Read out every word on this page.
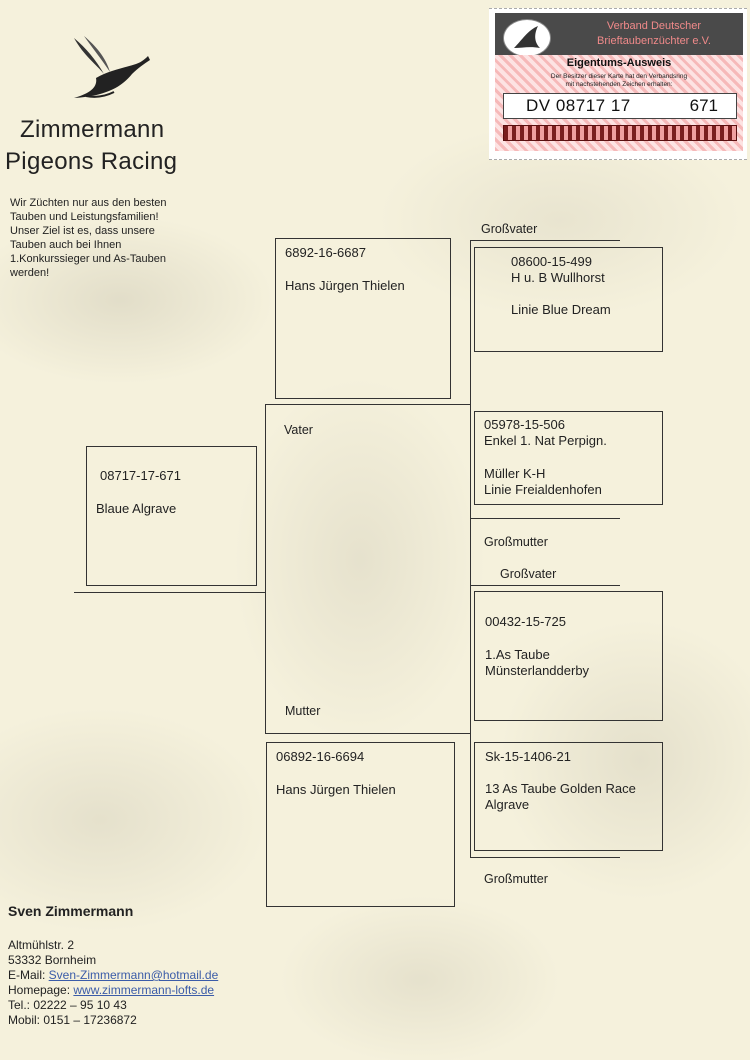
Zimmermann
Pigeons Racing
Wir Züchten nur aus den besten
Tauben und Leistungsfamilien!
Unser Ziel ist es, dass unsere
Tauben auch bei Ihnen
1.Konkurssieger und As-Tauben
werden!
Verband Deutscher
Brieftaubenzüchter e.V.
Eigentums-Ausweis
Der Besitzer dieser Karte hat den Verbandsring
mit nachstehenden Zeichen erhalten:
DV 08717 17	671
08717-17-671
Blaue Algrave
Vater
Mutter
6892-16-6687
Hans Jürgen Thielen
06892-16-6694
Hans Jürgen Thielen
Großvater
Großmutter
Großvater
Großmutter
08600-15-499
H u. B Wullhorst
Linie Blue Dream
05978-15-506
Enkel 1. Nat Perpign.
Müller K-H
Linie Freialdenhofen
00432-15-725
1.As Taube
Münsterlandderby
Sk-15-1406-21
13 As Taube Golden Race
Algrave
Sven Zimmermann
Altmühlstr. 2
53332 Bornheim
E-Mail: Sven-Zimmermann@hotmail.de
Homepage: www.zimmermann-lofts.de
Tel.: 02222 – 95 10 43
Mobil: 0151 – 17236872
